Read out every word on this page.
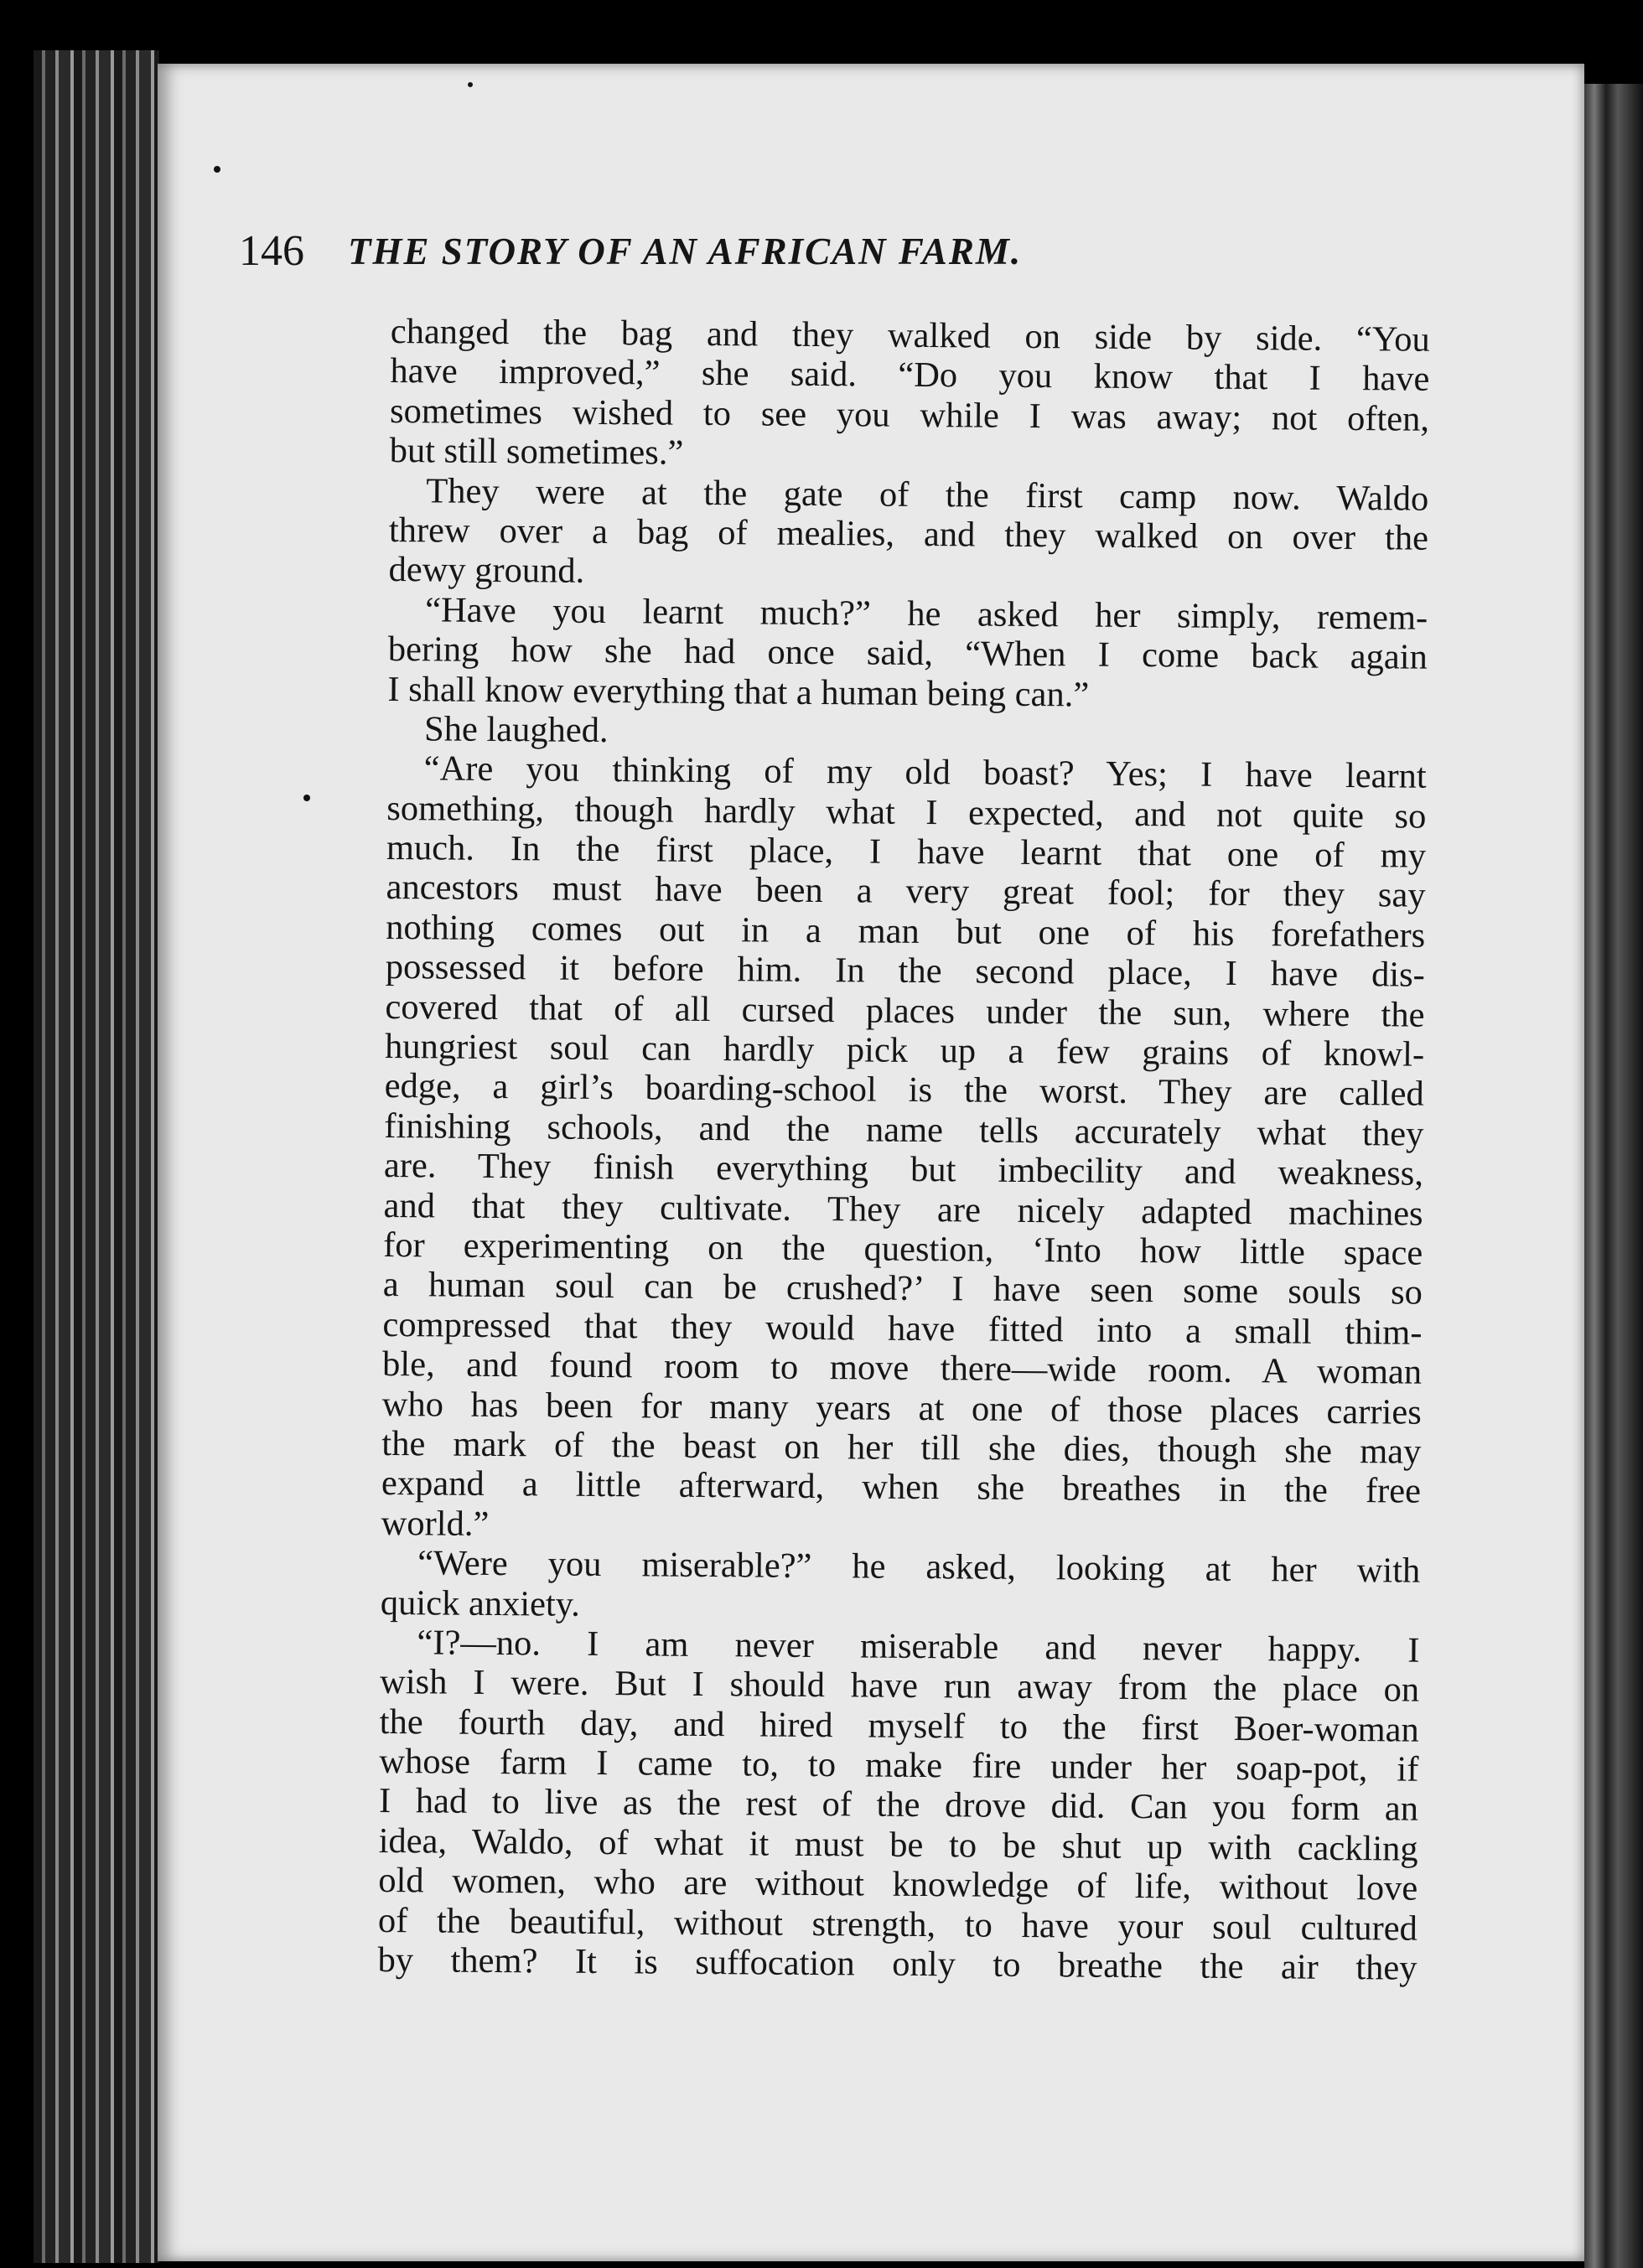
146 THE STORY OF AN AFRICAN FARM.
changed the bag and they walked on side by side. “You
have improved,” she said. “Do you know that I have
sometimes wished to see you while I was away; not often,
but still sometimes.”
They were at the gate of the first camp now. Waldo
threw over a bag of mealies, and they walked on over the
dewy ground.
“Have you learnt much?” he asked her simply, remem-
bering how she had once said, “When I come back again
I shall know everything that a human being can.”
She laughed.
“Are you thinking of my old boast? Yes; I have learnt
something, though hardly what I expected, and not quite so
much. In the first place, I have learnt that one of my
ancestors must have been a very great fool; for they say
nothing comes out in a man but one of his forefathers
possessed it before him. In the second place, I have dis-
covered that of all cursed places under the sun, where the
hungriest soul can hardly pick up a few grains of knowl-
edge, a girl’s boarding-school is the worst. They are called
finishing schools, and the name tells accurately what they
are. They finish everything but imbecility and weakness,
and that they cultivate. They are nicely adapted machines
for experimenting on the question, ‘Into how little space
a human soul can be crushed?’ I have seen some souls so
compressed that they would have fitted into a small thim-
ble, and found room to move there—wide room. A woman
who has been for many years at one of those places carries
the mark of the beast on her till she dies, though she may
expand a little afterward, when she breathes in the free
world.”
“Were you miserable?” he asked, looking at her with
quick anxiety.
“I?—no. I am never miserable and never happy. I
wish I were. But I should have run away from the place on
the fourth day, and hired myself to the first Boer-woman
whose farm I came to, to make fire under her soap-pot, if
I had to live as the rest of the drove did. Can you form an
idea, Waldo, of what it must be to be shut up with cackling
old women, who are without knowledge of life, without love
of the beautiful, without strength, to have your soul cultured
by them? It is suffocation only to breathe the air they
